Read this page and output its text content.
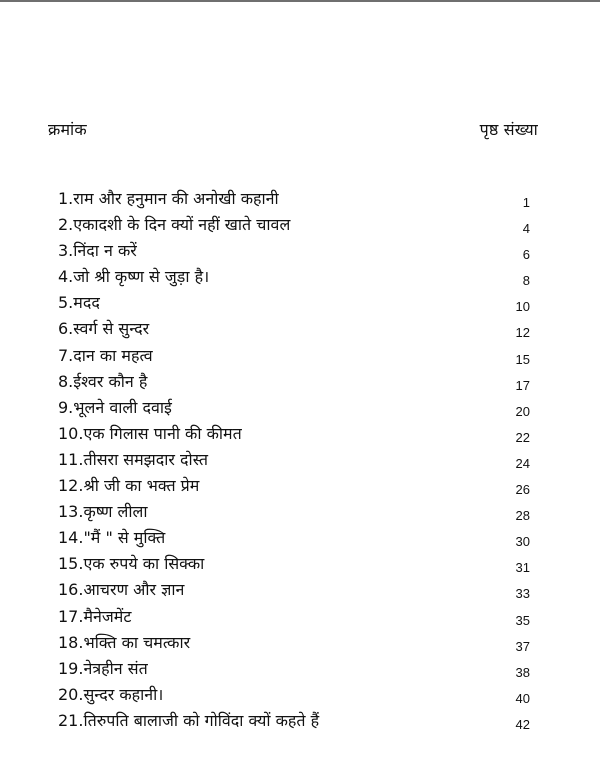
क्रमांक	पृष्ठ संख्या
1.राम और हनुमान की अनोखी कहानी	1
2.एकादशी के दिन क्यों नहीं खाते चावल	4
3.निंदा न करें	6
4.जो श्री कृष्ण से जुड़ा है।	8
5.मदद	10
6.स्वर्ग से सुन्दर	12
7.दान का महत्व	15
8.ईश्वर कौन है	17
9.भूलने वाली दवाई	20
10.एक गिलास पानी की कीमत	22
11.तीसरा समझदार दोस्त	24
12.श्री जी का भक्त प्रेम	26
13.कृष्ण लीला	28
14."मैं " से मुक्ति	30
15.एक रुपये का सिक्का	31
16.आचरण और ज्ञान	33
17.मैनेजमेंट	35
18.भक्ति का चमत्कार	37
19.नेत्रहीन संत	38
20.सुन्दर कहानी।	40
21.तिरुपति बालाजी को गोविंदा क्यों कहते हैं	42
